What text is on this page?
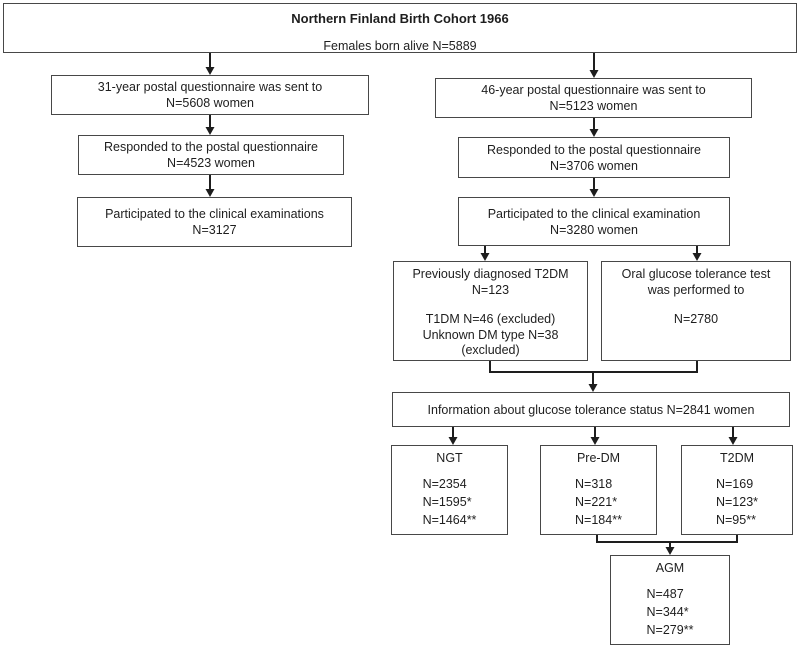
Northern Finland Birth Cohort 1966
Females born alive N=5889
31-year postal questionnaire was sent to
N=5608 women
Responded to the postal questionnaire
N=4523 women
Participated to the clinical examinations
N=3127
46-year postal questionnaire was sent to
N=5123 women
Responded to the postal questionnaire
N=3706 women
Participated to the clinical examination
N=3280 women
Previously diagnosed T2DM
N=123
T1DM N=46 (excluded)
Unknown DM type N=38
(excluded)
Oral glucose tolerance test
was performed to
N=2780
Information about glucose tolerance status N=2841 women
NGT
N=2354
N=1595*
N=1464**
Pre-DM
N=318
N=221*
N=184**
T2DM
N=169
N=123*
N=95**
AGM
N=487
N=344*
N=279**
